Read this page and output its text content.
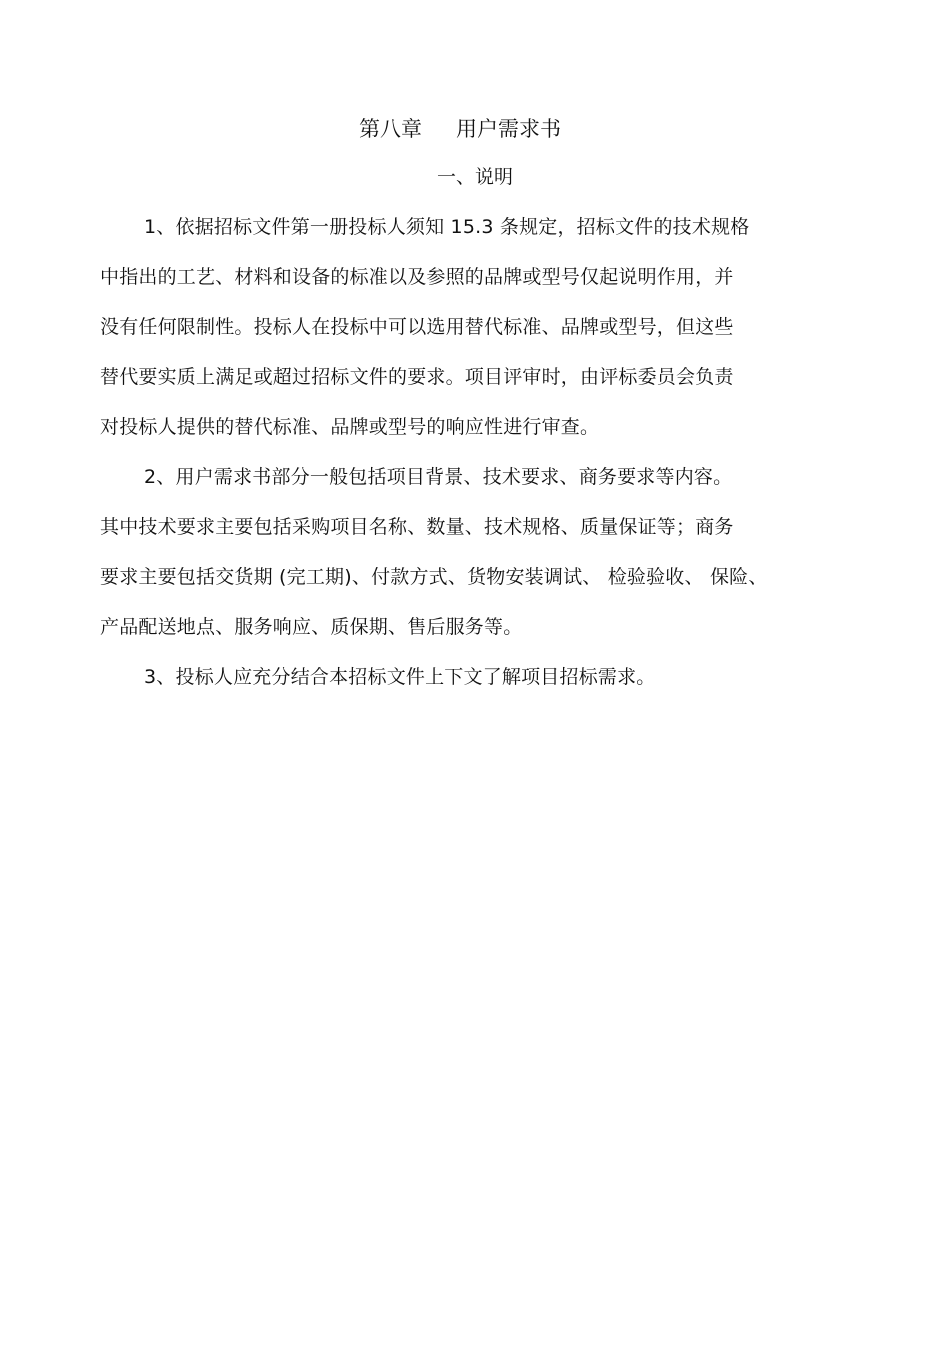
第八章 用户需求书
一、说明
1、依据招标文件第一册投标人须知 15.3 条规定，招标文件的技术规格
中指出的工艺、材料和设备的标准以及参照的品牌或型号仅起说明作用，并
没有任何限制性。投标人在投标中可以选用替代标准、品牌或型号，但这些
替代要实质上满足或超过招标文件的要求。项目评审时，由评标委员会负责
对投标人提供的替代标准、品牌或型号的响应性进行审查。
2、用户需求书部分一般包括项目背景、技术要求、商务要求等内容。
其中技术要求主要包括采购项目名称、数量、技术规格、质量保证等；商务
要求主要包括交货期 (完工期)、付款方式、货物安装调试、 检验验收、 保险、
产品配送地点、服务响应、质保期、售后服务等。
3、投标人应充分结合本招标文件上下文了解项目招标需求。
